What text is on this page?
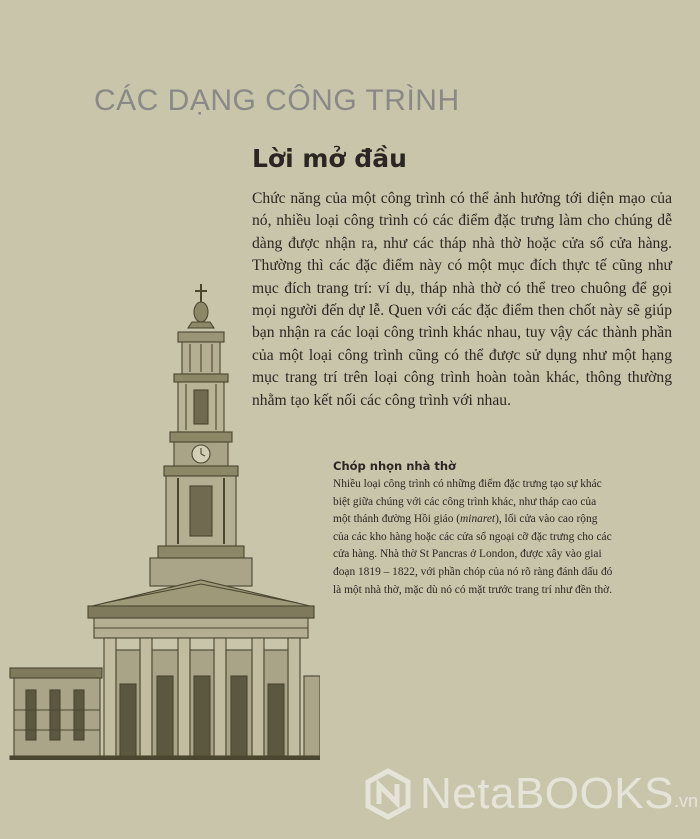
CÁC DẠNG CÔNG TRÌNH
Lời mở đầu

Chức năng của một công trình có thể ảnh hưởng tới diện mạo của nó, nhiều loại công trình có các điểm đặc trưng làm cho chúng dễ dàng được nhận ra, như các tháp nhà thờ hoặc cửa sổ cửa hàng. Thường thì các đặc điểm này có một mục đích thực tế cũng như mục đích trang trí: ví dụ, tháp nhà thờ có thể treo chuông để gọi mọi người đến dự lễ. Quen với các đặc điểm then chốt này sẽ giúp bạn nhận ra các loại công trình khác nhau, tuy vậy các thành phần của một loại công trình cũng có thể được sử dụng như một hạng mục trang trí trên loại công trình hoàn toàn khác, thông thường nhằm tạo kết nối các công trình với nhau.

Chóp nhọn nhà thờ

Nhiều loại công trình có những điểm đặc trưng tạo sự khác biệt giữa chúng với các công trình khác, như tháp cao của một thánh đường Hồi giáo (minaret), lối cửa vào cao rộng của các kho hàng hoặc các cửa sổ ngoại cỡ đặc trưng cho các cửa hàng. Nhà thờ St Pancras ở London, được xây vào giai đoạn 1819 – 1822, với phần chóp của nó rõ ràng đánh dấu đó là một nhà thờ, mặc dù nó có mặt trước trang trí như đền thờ.

NetaBOOKS .vn
